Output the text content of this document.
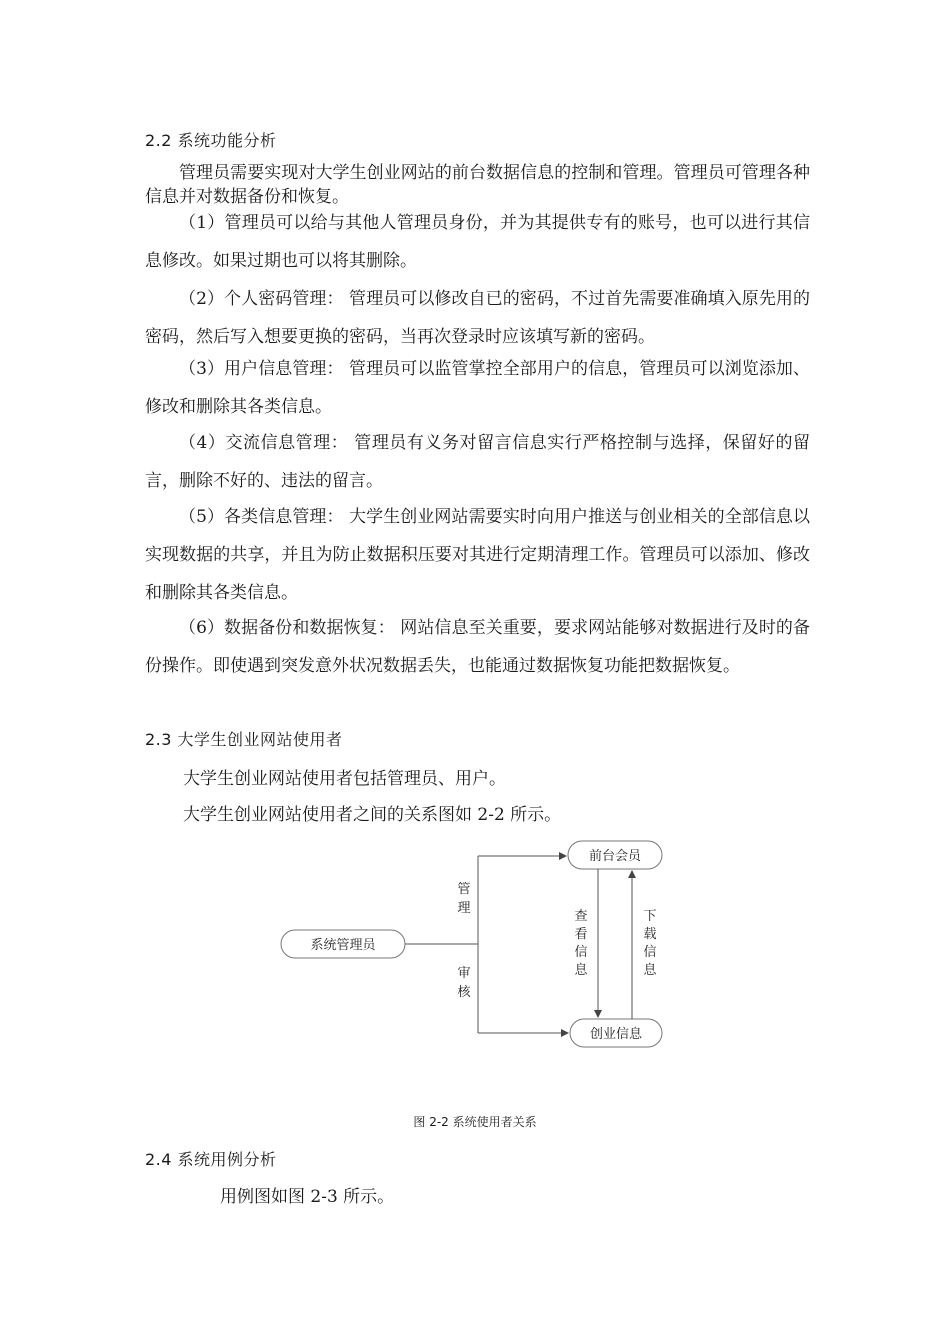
2.2 系统功能分析

管理员需要实现对大学生创业网站的前台数据信息的控制和管理。管理员可管理各种信息并对数据备份和恢复。

（1）管理员可以给与其他人管理员身份，并为其提供专有的账号，也可以进行其信息修改。如果过期也可以将其删除。

（2）个人密码管理： 管理员可以修改自已的密码，不过首先需要准确填入原先用的密码，然后写入想要更换的密码，当再次登录时应该填写新的密码。

（3）用户信息管理： 管理员可以监管掌控全部用户的信息，管理员可以浏览添加、修改和删除其各类信息。

（4）交流信息管理： 管理员有义务对留言信息实行严格控制与选择，保留好的留言，删除不好的、违法的留言。

（5）各类信息管理： 大学生创业网站需要实时向用户推送与创业相关的全部信息以实现数据的共享，并且为防止数据积压要对其进行定期清理工作。管理员可以添加、修改和删除其各类信息。

（6）数据备份和数据恢复： 网站信息至关重要，要求网站能够对数据进行及时的备份操作。即使遇到突发意外状况数据丢失，也能通过数据恢复功能把数据恢复。

2.3 大学生创业网站使用者
大学生创业网站使用者包括管理员、用户。
大学生创业网站使用者之间的关系图如 2-2 所示。
系统管理员
前台会员
创业信息
管
理
审
核
查
看
信
息
下
载
信
息
图 2-2 系统使用者关系
2.4 系统用例分析
用例图如图 2-3 所示。
